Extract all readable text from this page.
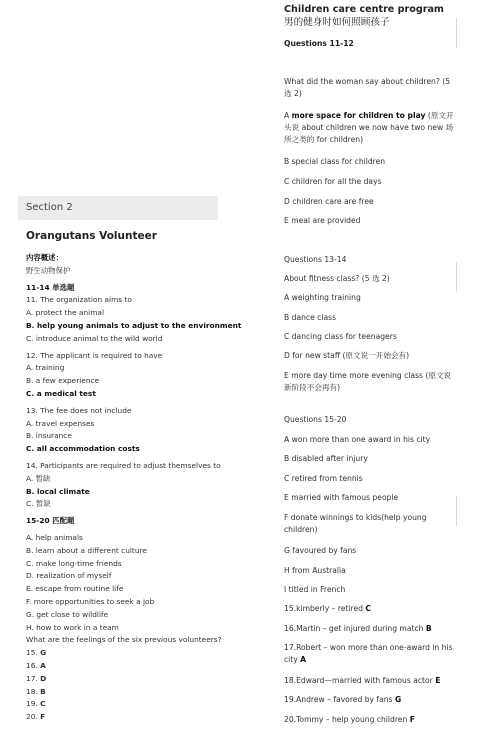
Section 2
Orangutans Volunteer
内容概述：
野生动物保护
11-14 单选题
11. The organization aims to
A. protect the animal
B. help young animals to adjust to the environment
C. introduce animal to the wild world
12. The applicant is required to have
A. training
B. a few experience
C. a medical test
13. The fee does not include
A. travel expenses
B. insurance
C. all accommodation costs
14. Participants are required to adjust themselves to
A. 暂缺
B. local climate
C. 暂缺
15-20 匹配题
A. help animals
B. learn about a different culture
C. make long-time friends
D. realization of myself
E. escape from routine life
F. more opportunities to seek a job
G. get close to wildlife
H. how to work in a team
What are the feelings of the six previous volunteers?
15. G
16. A
17. D
18. B
19. C
20. F
Children care centre program 男的健身时如何照顾孩子
Questions 11-12
What did the woman say about children? (5 选 2)
A more space for children to play (原文开头说 about children we now have two new 场所之类的 for children)
B special class for children
C children for all the days
D children care are free
E meal are provided
Questions 13-14
About fitness class? (5 选 2)
A weighting training
B dance class
C dancing class for teenagers
D for new staff (原文说一开始会有)
E more day time more evening class (原文说新阶段不会再有)
Questions 15-20
A won more than one award in his city
B disabled after injury
C retired from tennis
E married with famous people
F donate winnings to kids(help young children)
G favoured by fans
H from Australia
I titled in French
15.kimberly – retired C
16.Martin – get injured during match B
17.Robert – won more than one-award in his city A
18.Edward—married with famous actor E
19.Andrew – favored by fans G
20.Tommy – help young children F
